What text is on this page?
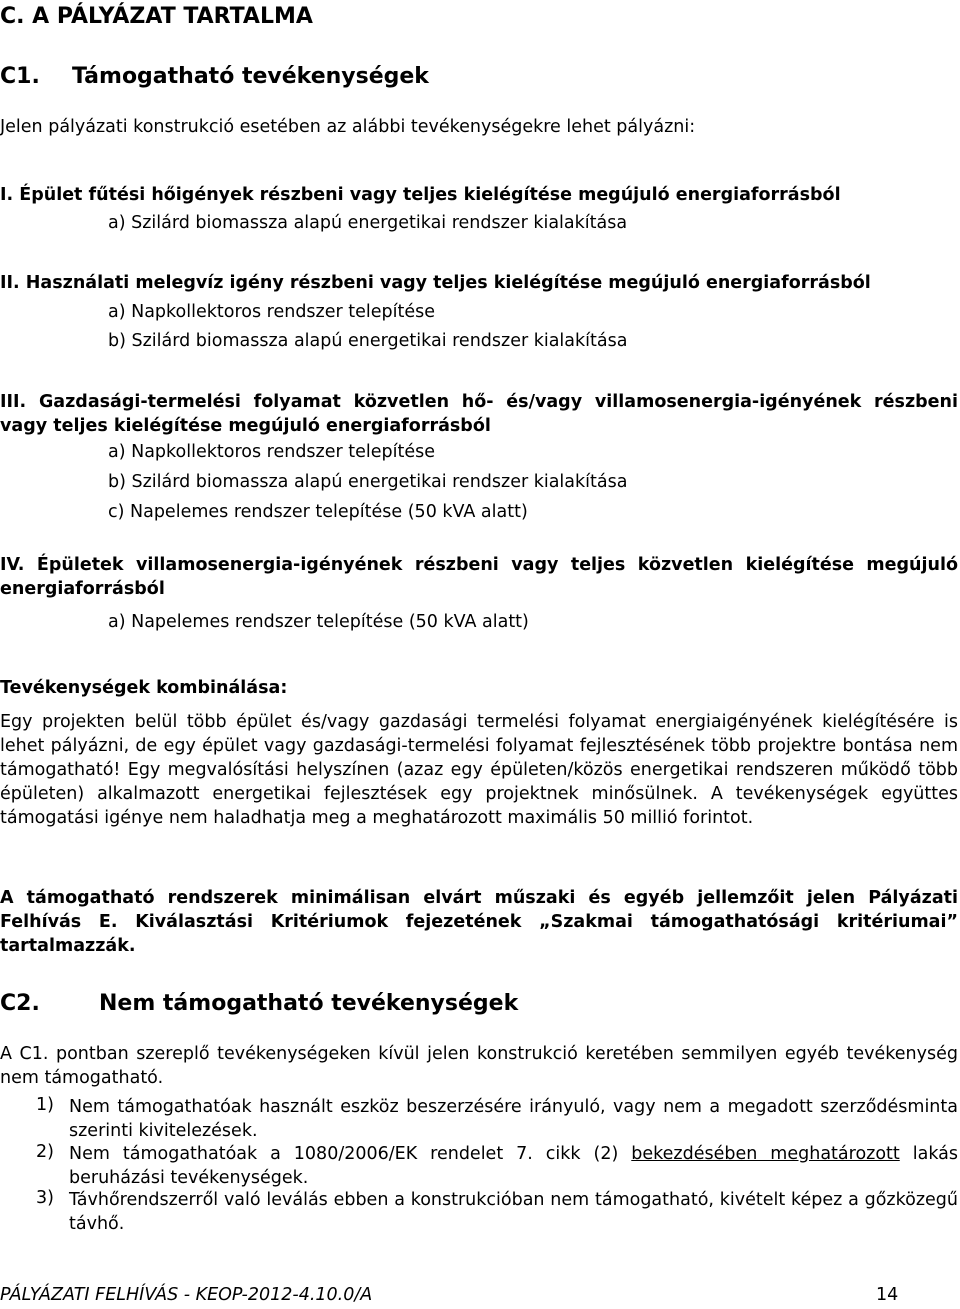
C. A PÁLYÁZAT TARTALMA
C1. Támogatható tevékenységek
Jelen pályázati konstrukció esetében az alábbi tevékenységekre lehet pályázni:
I. Épület fűtési hőigények részbeni vagy teljes kielégítése megújuló energiaforrásból
a) Szilárd biomassza alapú energetikai rendszer kialakítása
II. Használati melegvíz igény részbeni vagy teljes kielégítése megújuló energiaforrásból
a) Napkollektoros rendszer telepítése
b) Szilárd biomassza alapú energetikai rendszer kialakítása
III. Gazdasági-termelési folyamat közvetlen hő- és/vagy villamosenergia-igényének részbeni vagy teljes kielégítése megújuló energiaforrásból
a) Napkollektoros rendszer telepítése
b) Szilárd biomassza alapú energetikai rendszer kialakítása
c) Napelemes rendszer telepítése (50 kVA alatt)
IV. Épületek villamosenergia-igényének részbeni vagy teljes közvetlen kielégítése megújuló energiaforrásból
a) Napelemes rendszer telepítése (50 kVA alatt)
Tevékenységek kombinálása:
Egy projekten belül több épület és/vagy gazdasági termelési folyamat energiaigényének kielégítésére is lehet pályázni, de egy épület vagy gazdasági-termelési folyamat fejlesztésének több projektre bontása nem támogatható! Egy megvalósítási helyszínen (azaz egy épületen/közös energetikai rendszeren működő több épületen) alkalmazott energetikai fejlesztések egy projektnek minősülnek. A tevékenységek együttes támogatási igénye nem haladhatja meg a meghatározott maximális 50 millió forintot.
A támogatható rendszerek minimálisan elvárt műszaki és egyéb jellemzőit jelen Pályázati Felhívás E. Kiválasztási Kritériumok fejezetének „Szakmai támogathatósági kritériumai” tartalmazzák.
C2.	Nem támogatható tevékenységek
A C1. pontban szereplő tevékenységeken kívül jelen konstrukció keretében semmilyen egyéb tevékenység nem támogatható.
1) Nem támogathatóak használt eszköz beszerzésére irányuló, vagy nem a megadott szerződésminta szerinti kivitelezések.
2) Nem támogathatóak a 1080/2006/EK rendelet 7. cikk (2) bekezdésében meghatározott lakás beruházási tevékenységek.
3) Távhőrendszerről való leválás ebben a konstrukcióban nem támogatható, kivételt képez a gőzközegű távhő.
PÁLYÁZATI FELHÍVÁS - KEOP-2012-4.10.0/A	14
